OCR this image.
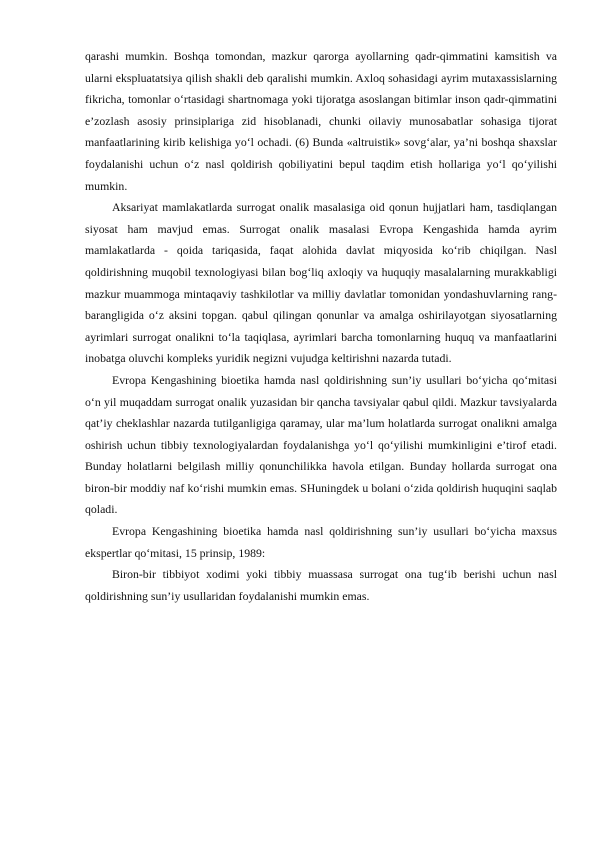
qarashi mumkin. Boshqa tomondan, mazkur qarorga ayollarning qadr-qimmatini kamsitish va ularni ekspluatatsiya qilish shakli deb qaralishi mumkin. Axloq sohasidagi ayrim mutaxassislarning fikricha, tomonlar o‘rtasidagi shartnomaga yoki tijoratga asoslangan bitimlar inson qadr-qimmatini e’zozlash asosiy prinsiplariga zid hisoblanadi, chunki oilaviy munosabatlar sohasiga tijorat manfaatlarining kirib kelishiga yo‘l ochadi. (6) Bunda «altruistik» sovg‘alar, ya’ni boshqa shaxslar foydalanishi uchun o‘z nasl qoldirish qobiliyatini bepul taqdim etish hollariga yo‘l qo‘yilishi mumkin.

Aksariyat mamlakatlarda surrogat onalik masalasiga oid qonun hujjatlari ham, tasdiqlangan siyosat ham mavjud emas. Surrogat onalik masalasi Evropa Kengashida hamda ayrim mamlakatlarda - qoida tariqasida, faqat alohida davlat miqyosida ko‘rib chiqilgan. Nasl qoldirishning muqobil texnologiyasi bilan bog‘liq axloqiy va huquqiy masalalarning murakkabligi mazkur muammoga mintaqaviy tashkilotlar va milliy davlatlar tomonidan yondashuvlarning rang-barangligida o‘z aksini topgan. qabul qilingan qonunlar va amalga oshirilayotgan siyosatlarning ayrimlari surrogat onalikni to‘la taqiqlasa, ayrimlari barcha tomonlarning huquq va manfaatlarini inobatga oluvchi kompleks yuridik negizni vujudga keltirishni nazarda tutadi.

Evropa Kengashining bioetika hamda nasl qoldirishning sun’iy usullari bo‘yicha qo‘mitasi o‘n yil muqaddam surrogat onalik yuzasidan bir qancha tavsiyalar qabul qildi. Mazkur tavsiyalarda qat’iy cheklashlar nazarda tutilganligiga qaramay, ular ma’lum holatlarda surrogat onalikni amalga oshirish uchun tibbiy texnologiyalardan foydalanishga yo‘l qo‘yilishi mumkinligini e’tirof etadi. Bunday holatlarni belgilash milliy qonunchilikka havola etilgan. Bunday hollarda surrogat ona biron-bir moddiy naf ko‘rishi mumkin emas. SHuningdek u bolani o‘zida qoldirish huquqini saqlab qoladi.

Evropa Kengashining bioetika hamda nasl qoldirishning sun’iy usullari bo‘yicha maxsus ekspertlar qo‘mitasi, 15 prinsip, 1989:

Biron-bir tibbiyot xodimi yoki tibbiy muassasa surrogat ona tug‘ib berishi uchun nasl qoldirishning sun’iy usullaridan foydalanishi mumkin emas.
